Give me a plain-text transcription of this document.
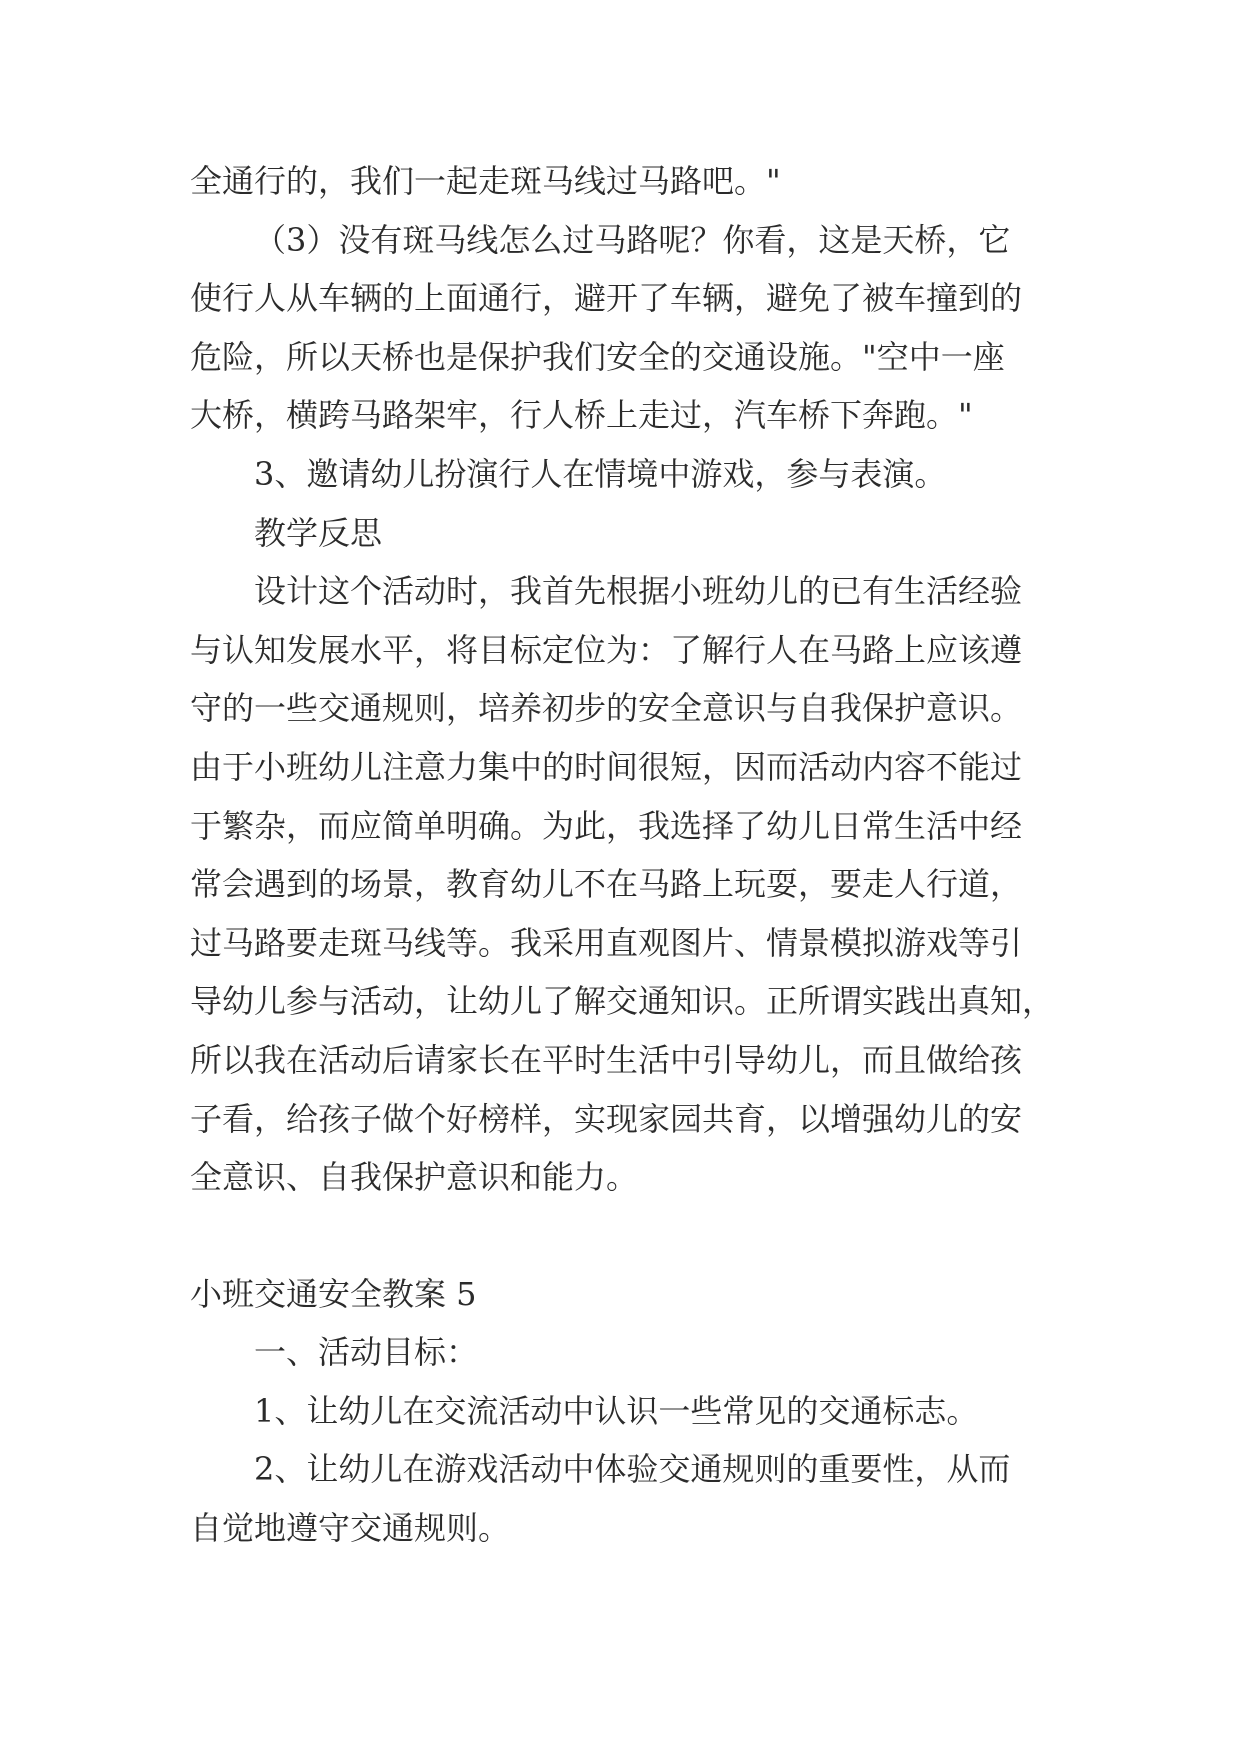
全通行的，我们一起走斑马线过马路吧。"
（3）没有斑马线怎么过马路呢？你看，这是天桥，它
使行人从车辆的上面通行，避开了车辆，避免了被车撞到的
危险，所以天桥也是保护我们安全的交通设施。"空中一座
大桥，横跨马路架牢，行人桥上走过，汽车桥下奔跑。"
3、邀请幼儿扮演行人在情境中游戏，参与表演。
教学反思
设计这个活动时，我首先根据小班幼儿的已有生活经验
与认知发展水平，将目标定位为：了解行人在马路上应该遵
守的一些交通规则，培养初步的安全意识与自我保护意识。
由于小班幼儿注意力集中的时间很短，因而活动内容不能过
于繁杂，而应简单明确。为此，我选择了幼儿日常生活中经
常会遇到的场景，教育幼儿不在马路上玩耍，要走人行道，
过马路要走斑马线等。我采用直观图片、情景模拟游戏等引
导幼儿参与活动，让幼儿了解交通知识。正所谓实践出真知，
所以我在活动后请家长在平时生活中引导幼儿，而且做给孩
子看，给孩子做个好榜样，实现家园共育，以增强幼儿的安
全意识、自我保护意识和能力。
小班交通安全教案 5
一、活动目标：
1、让幼儿在交流活动中认识一些常见的交通标志。
2、让幼儿在游戏活动中体验交通规则的重要性，从而
自觉地遵守交通规则。
